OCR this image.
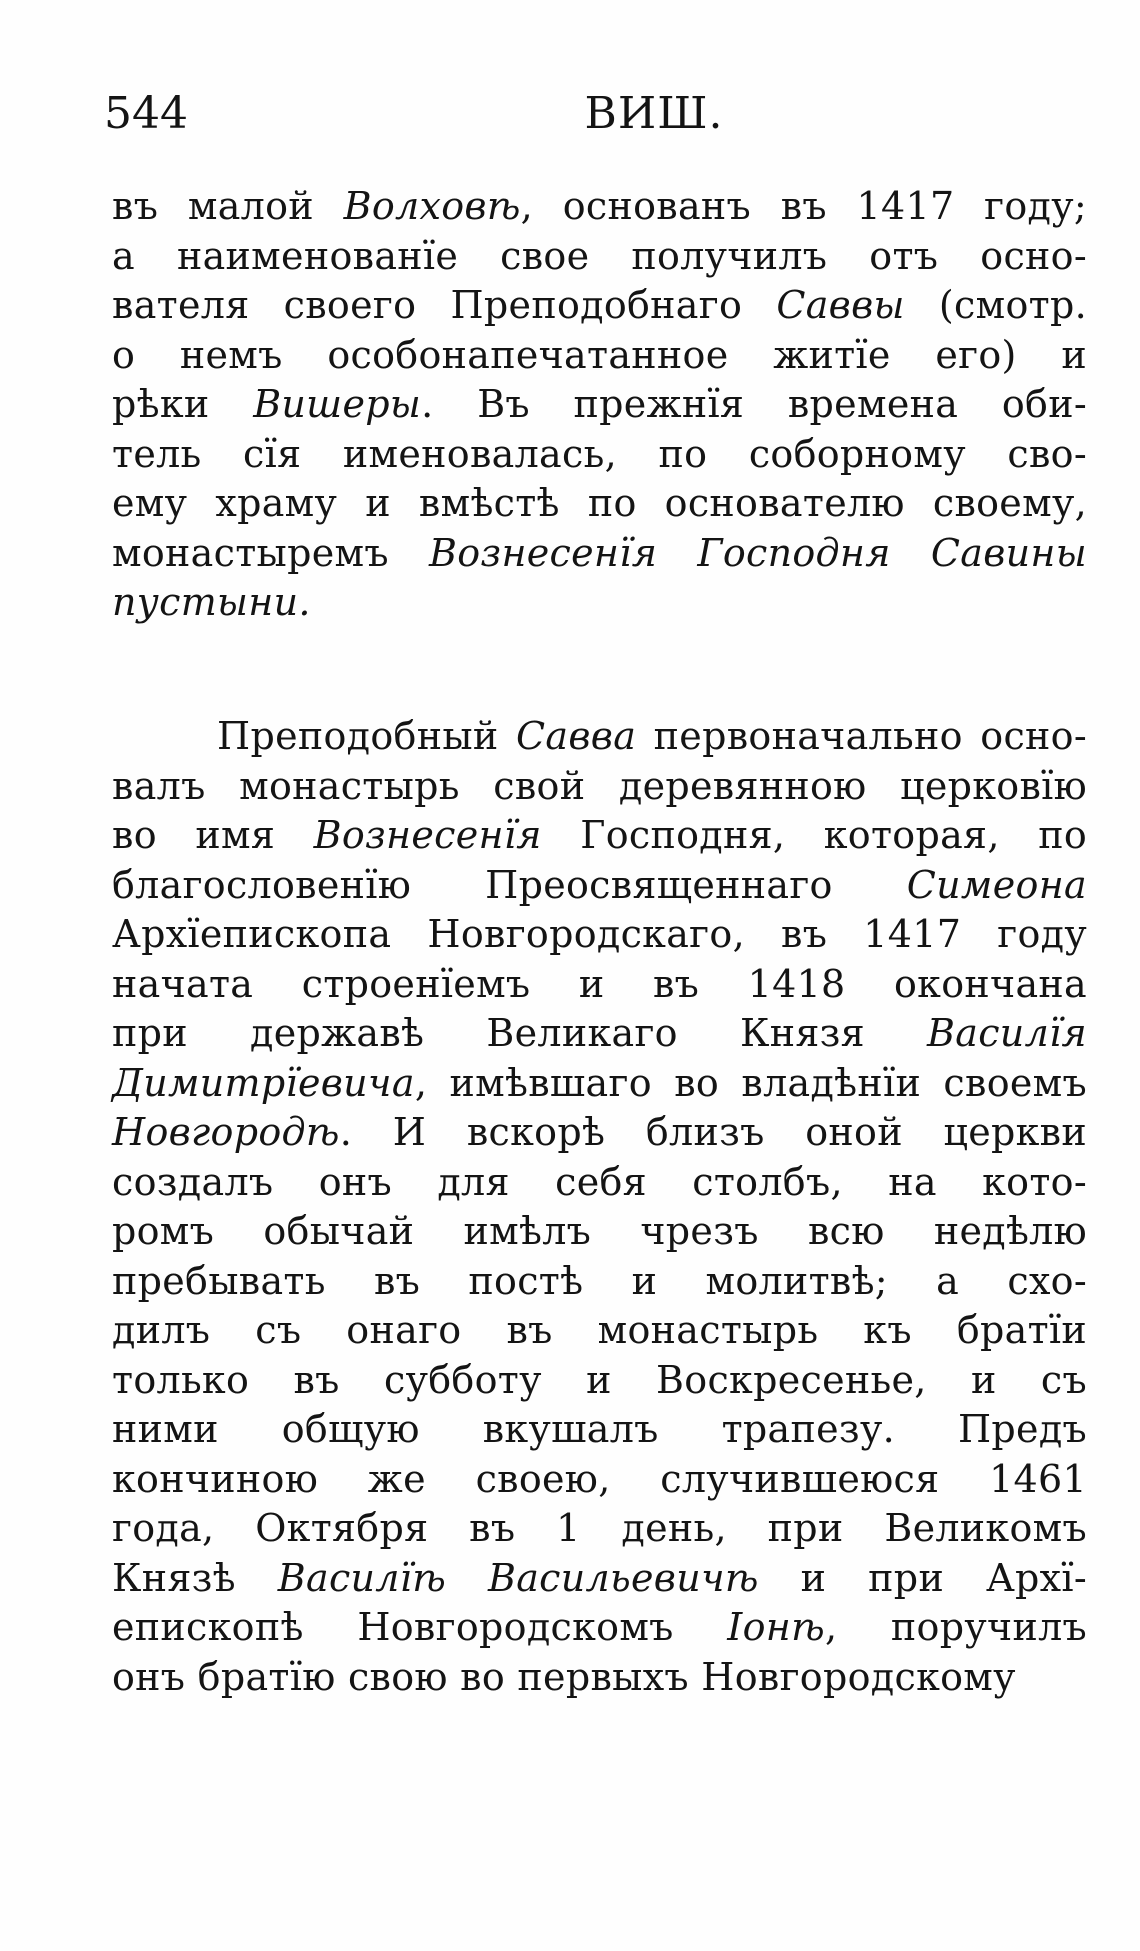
544	ВИШ.
въ малой Волховѣ, основанъ въ 1417 году;
а наименованїе свое получилъ отъ осно-
вателя своего Преподобнаго Саввы (смотр.
о немъ особонапечатанное житїе его) и
рѣки Вишеры. Въ прежнїя времена оби-
тель сїя именовалась, по соборному сво-
ему храму и вмѣстѣ по основателю своему,
монастыремъ Вознесенїя Господня Савины
пустыни.
Преподобный Савва первоначально осно-
валъ монастырь свой деревянною церковїю
во имя Вознесенїя Господня, которая, по
благословенїю Преосвященнаго Симеона
Архїепископа Новгородскаго, въ 1417 году
начата строенїемъ и въ 1418 окончана
при державѣ Великаго Князя Василїя
Димитрїевича, имѣвшаго во владѣнїи своемъ
Новгородѣ. И вскорѣ близъ оной церкви
создалъ онъ для себя столбъ, на кото-
ромъ обычай имѣлъ чрезъ всю недѣлю
пребывать въ постѣ и молитвѣ; а схо-
дилъ съ онаго въ монастырь къ братїи
только въ субботу и Воскресенье, и съ
ними общую вкушалъ трапезу. Предъ
кончиною же своею, случившеюся 1461
года, Октября въ 1 день, при Великомъ
Князѣ Василїѣ Васильевичѣ и при Архї-
епископѣ Новгородскомъ Іонѣ, поручилъ
онъ братїю свою во первыхъ Новгородскому
